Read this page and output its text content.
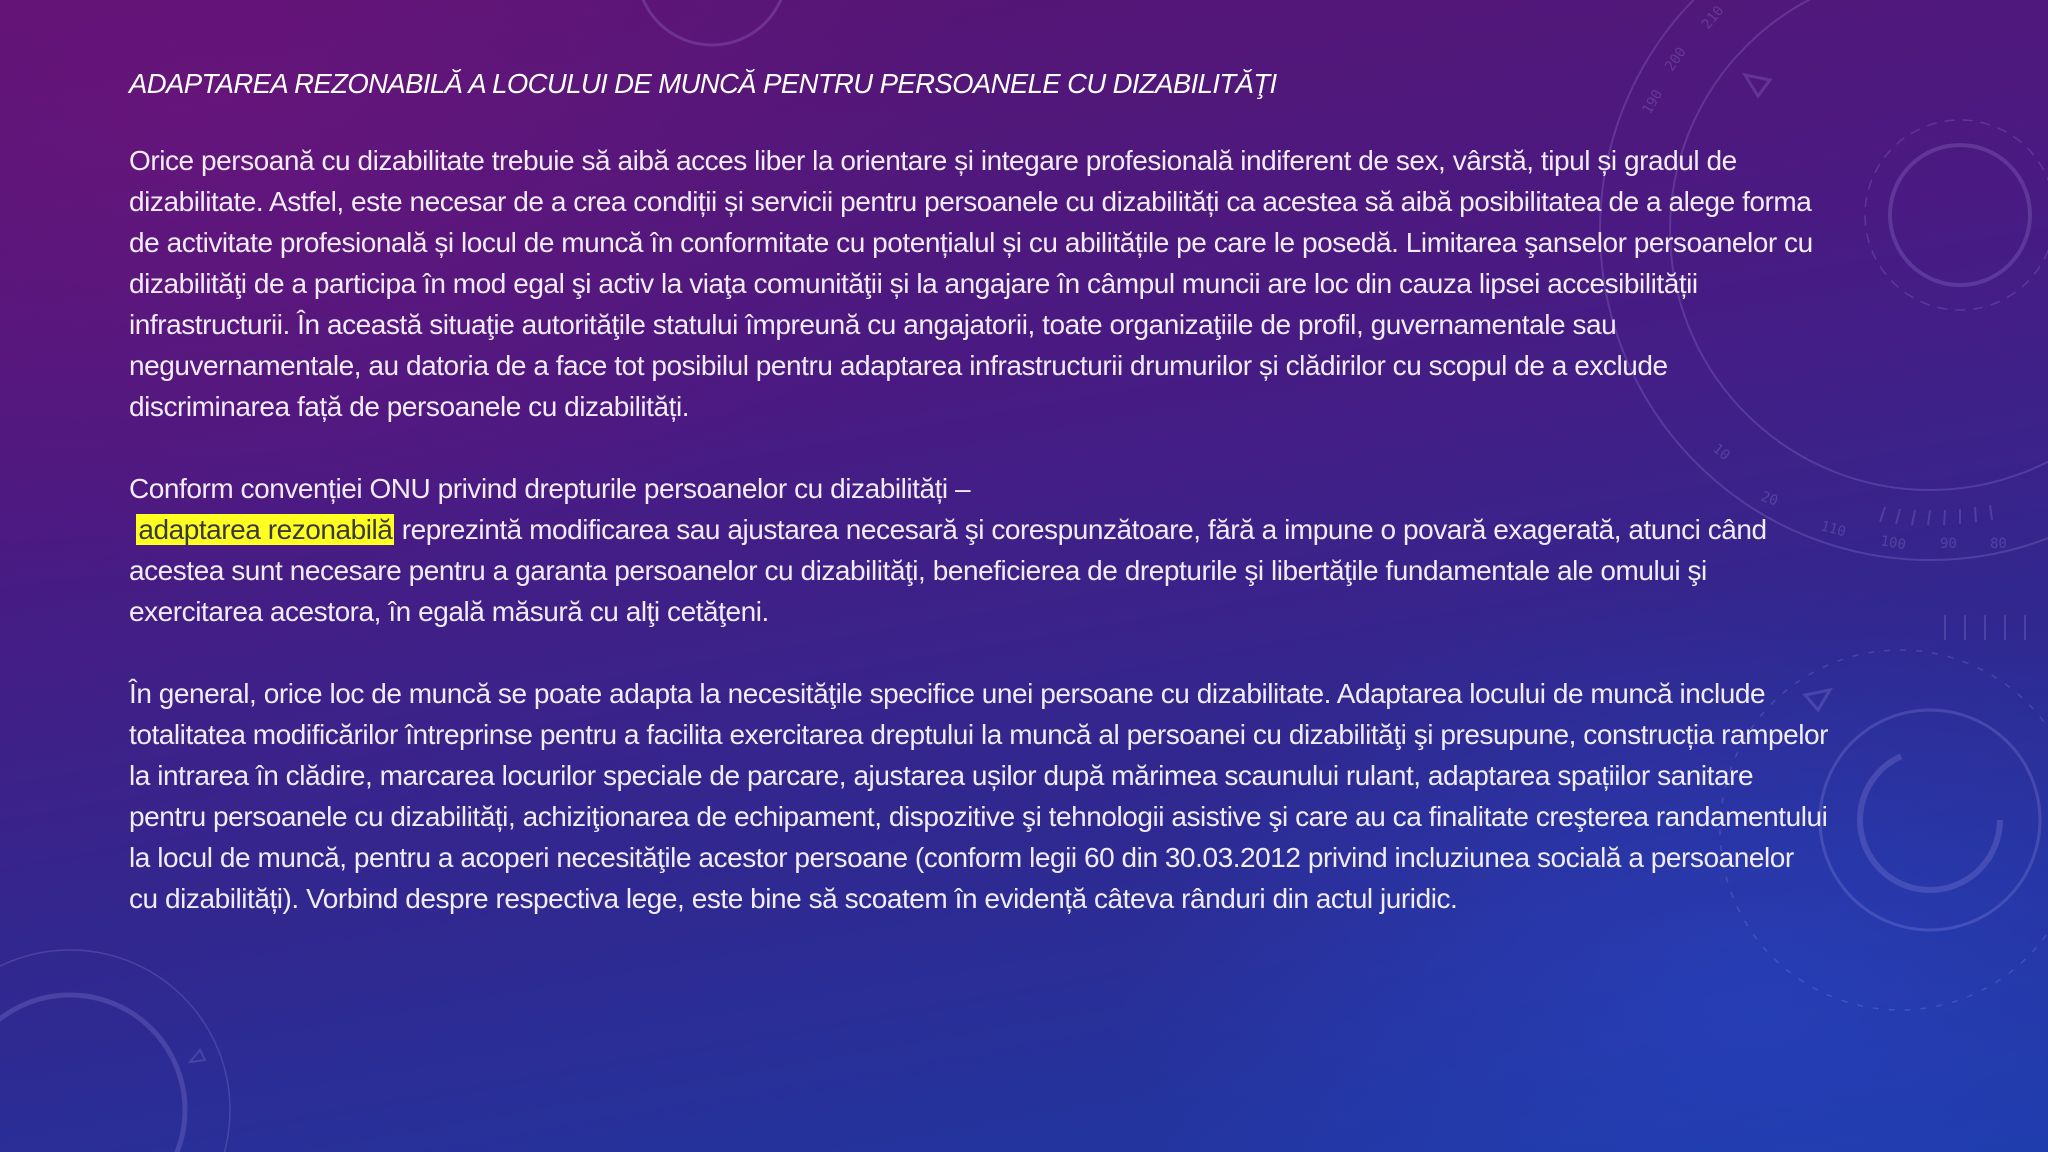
190
200
210
20
10
100
110
90 80
ADAPTAREA REZONABILĂ A LOCULUI DE MUNCĂ PENTRU PERSOANELE CU DIZABILITĂŢI

Orice persoană cu dizabilitate trebuie să aibă acces liber la orientare și integare profesională indiferent de sex, vârstă, tipul și gradul de dizabilitate. Astfel, este necesar de a crea condiții și servicii pentru persoanele cu dizabilități ca acestea să aibă posibilitatea de a alege forma de activitate profesională și locul de muncă în conformitate cu potențialul și cu abilitățile pe care le posedă. Limitarea şanselor persoanelor cu dizabilităţi de a participa în mod egal şi activ la viaţa comunităţii și la angajare în câmpul muncii are loc din cauza lipsei accesibilității infrastructurii. În această situaţie autorităţile statului împreună cu angajatorii, toate organizaţiile de profil, guvernamentale sau neguvernamentale, au datoria de a face tot posibilul pentru adaptarea infrastructurii drumurilor și clădirilor cu scopul de a exclude discriminarea față de persoanele cu dizabilități.

Conform convenției ONU privind drepturile persoanelor cu dizabilități –
adaptarea rezonabilă reprezintă modificarea sau ajustarea necesară şi corespunzătoare, fără a impune o povară exagerată, atunci când acestea sunt necesare pentru a garanta persoanelor cu dizabilităţi, beneficierea de drepturile şi libertăţile fundamentale ale omului şi exercitarea acestora, în egală măsură cu alţi cetăţeni.

În general, orice loc de muncă se poate adapta la necesităţile specifice unei persoane cu dizabilitate. Adaptarea locului de muncă include totalitatea modificărilor întreprinse pentru a facilita exercitarea dreptului la muncă al persoanei cu dizabilităţi şi presupune, construcția rampelor la intrarea în clădire, marcarea locurilor speciale de parcare, ajustarea ușilor după mărimea scaunului rulant, adaptarea spațiilor sanitare pentru persoanele cu dizabilități, achiziţionarea de echipament, dispozitive şi tehnologii asistive şi care au ca finalitate creşterea randamentului la locul de muncă, pentru a acoperi necesităţile acestor persoane (conform legii 60 din 30.03.2012 privind incluziunea socială a persoanelor cu dizabilități). Vorbind despre respectiva lege, este bine să scoatem în evidență câteva rânduri din actul juridic.
